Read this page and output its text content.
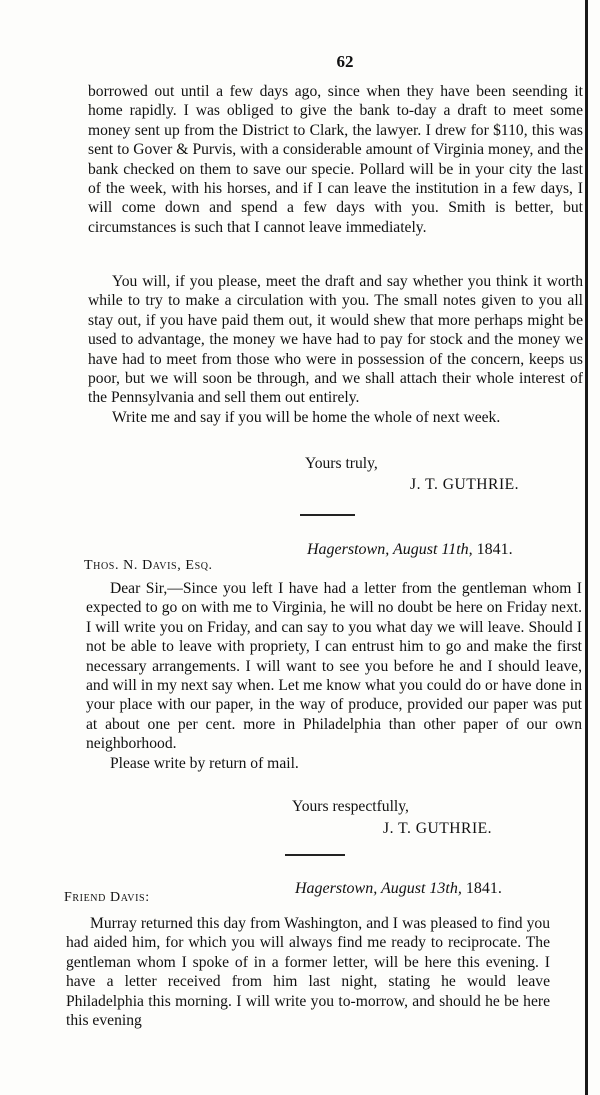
62

borrowed out until a few days ago, since when they have been seending it home rapidly. I was obliged to give the bank to-day a draft to meet some money sent up from the District to Clark, the lawyer. I drew for $110, this was sent to Gover & Purvis, with a considerable amount of Virginia money, and the bank checked on them to save our specie. Pollard will be in your city the last of the week, with his horses, and if I can leave the institution in a few days, I will come down and spend a few days with you. Smith is better, but circumstances is such that I cannot leave immediately.

You will, if you please, meet the draft and say whether you think it worth while to try to make a circulation with you. The small notes given to you all stay out, if you have paid them out, it would shew that more perhaps might be used to advantage, the money we have had to pay for stock and the money we have had to meet from those who were in possession of the concern, keeps us poor, but we will soon be through, and we shall attach their whole interest of the Pennsylvania and sell them out entirely.

Write me and say if you will be home the whole of next week.

Yours truly,
J. T. GUTHRIE.
Hagerstown, August 11th, 1841.
Thos. N. Davis, Esq.

Dear Sir,—Since you left I have had a letter from the gentleman whom I expected to go on with me to Virginia, he will no doubt be here on Friday next. I will write you on Friday, and can say to you what day we will leave. Should I not be able to leave with propriety, I can entrust him to go and make the first necessary arrangements. I will want to see you before he and I should leave, and will in my next say when. Let me know what you could do or have done in your place with our paper, in the way of produce, provided our paper was put at about one per cent. more in Philadelphia than other paper of our own neighborhood.

Please write by return of mail.

Yours respectfully,
J. T. GUTHRIE.
Hagerstown, August 13th, 1841.
Friend Davis:

Murray returned this day from Washington, and I was pleased to find you had aided him, for which you will always find me ready to reciprocate. The gentleman whom I spoke of in a former letter, will be here this evening. I have a letter received from him last night, stating he would leave Philadelphia this morning. I will write you to-morrow, and should he be here this evening
